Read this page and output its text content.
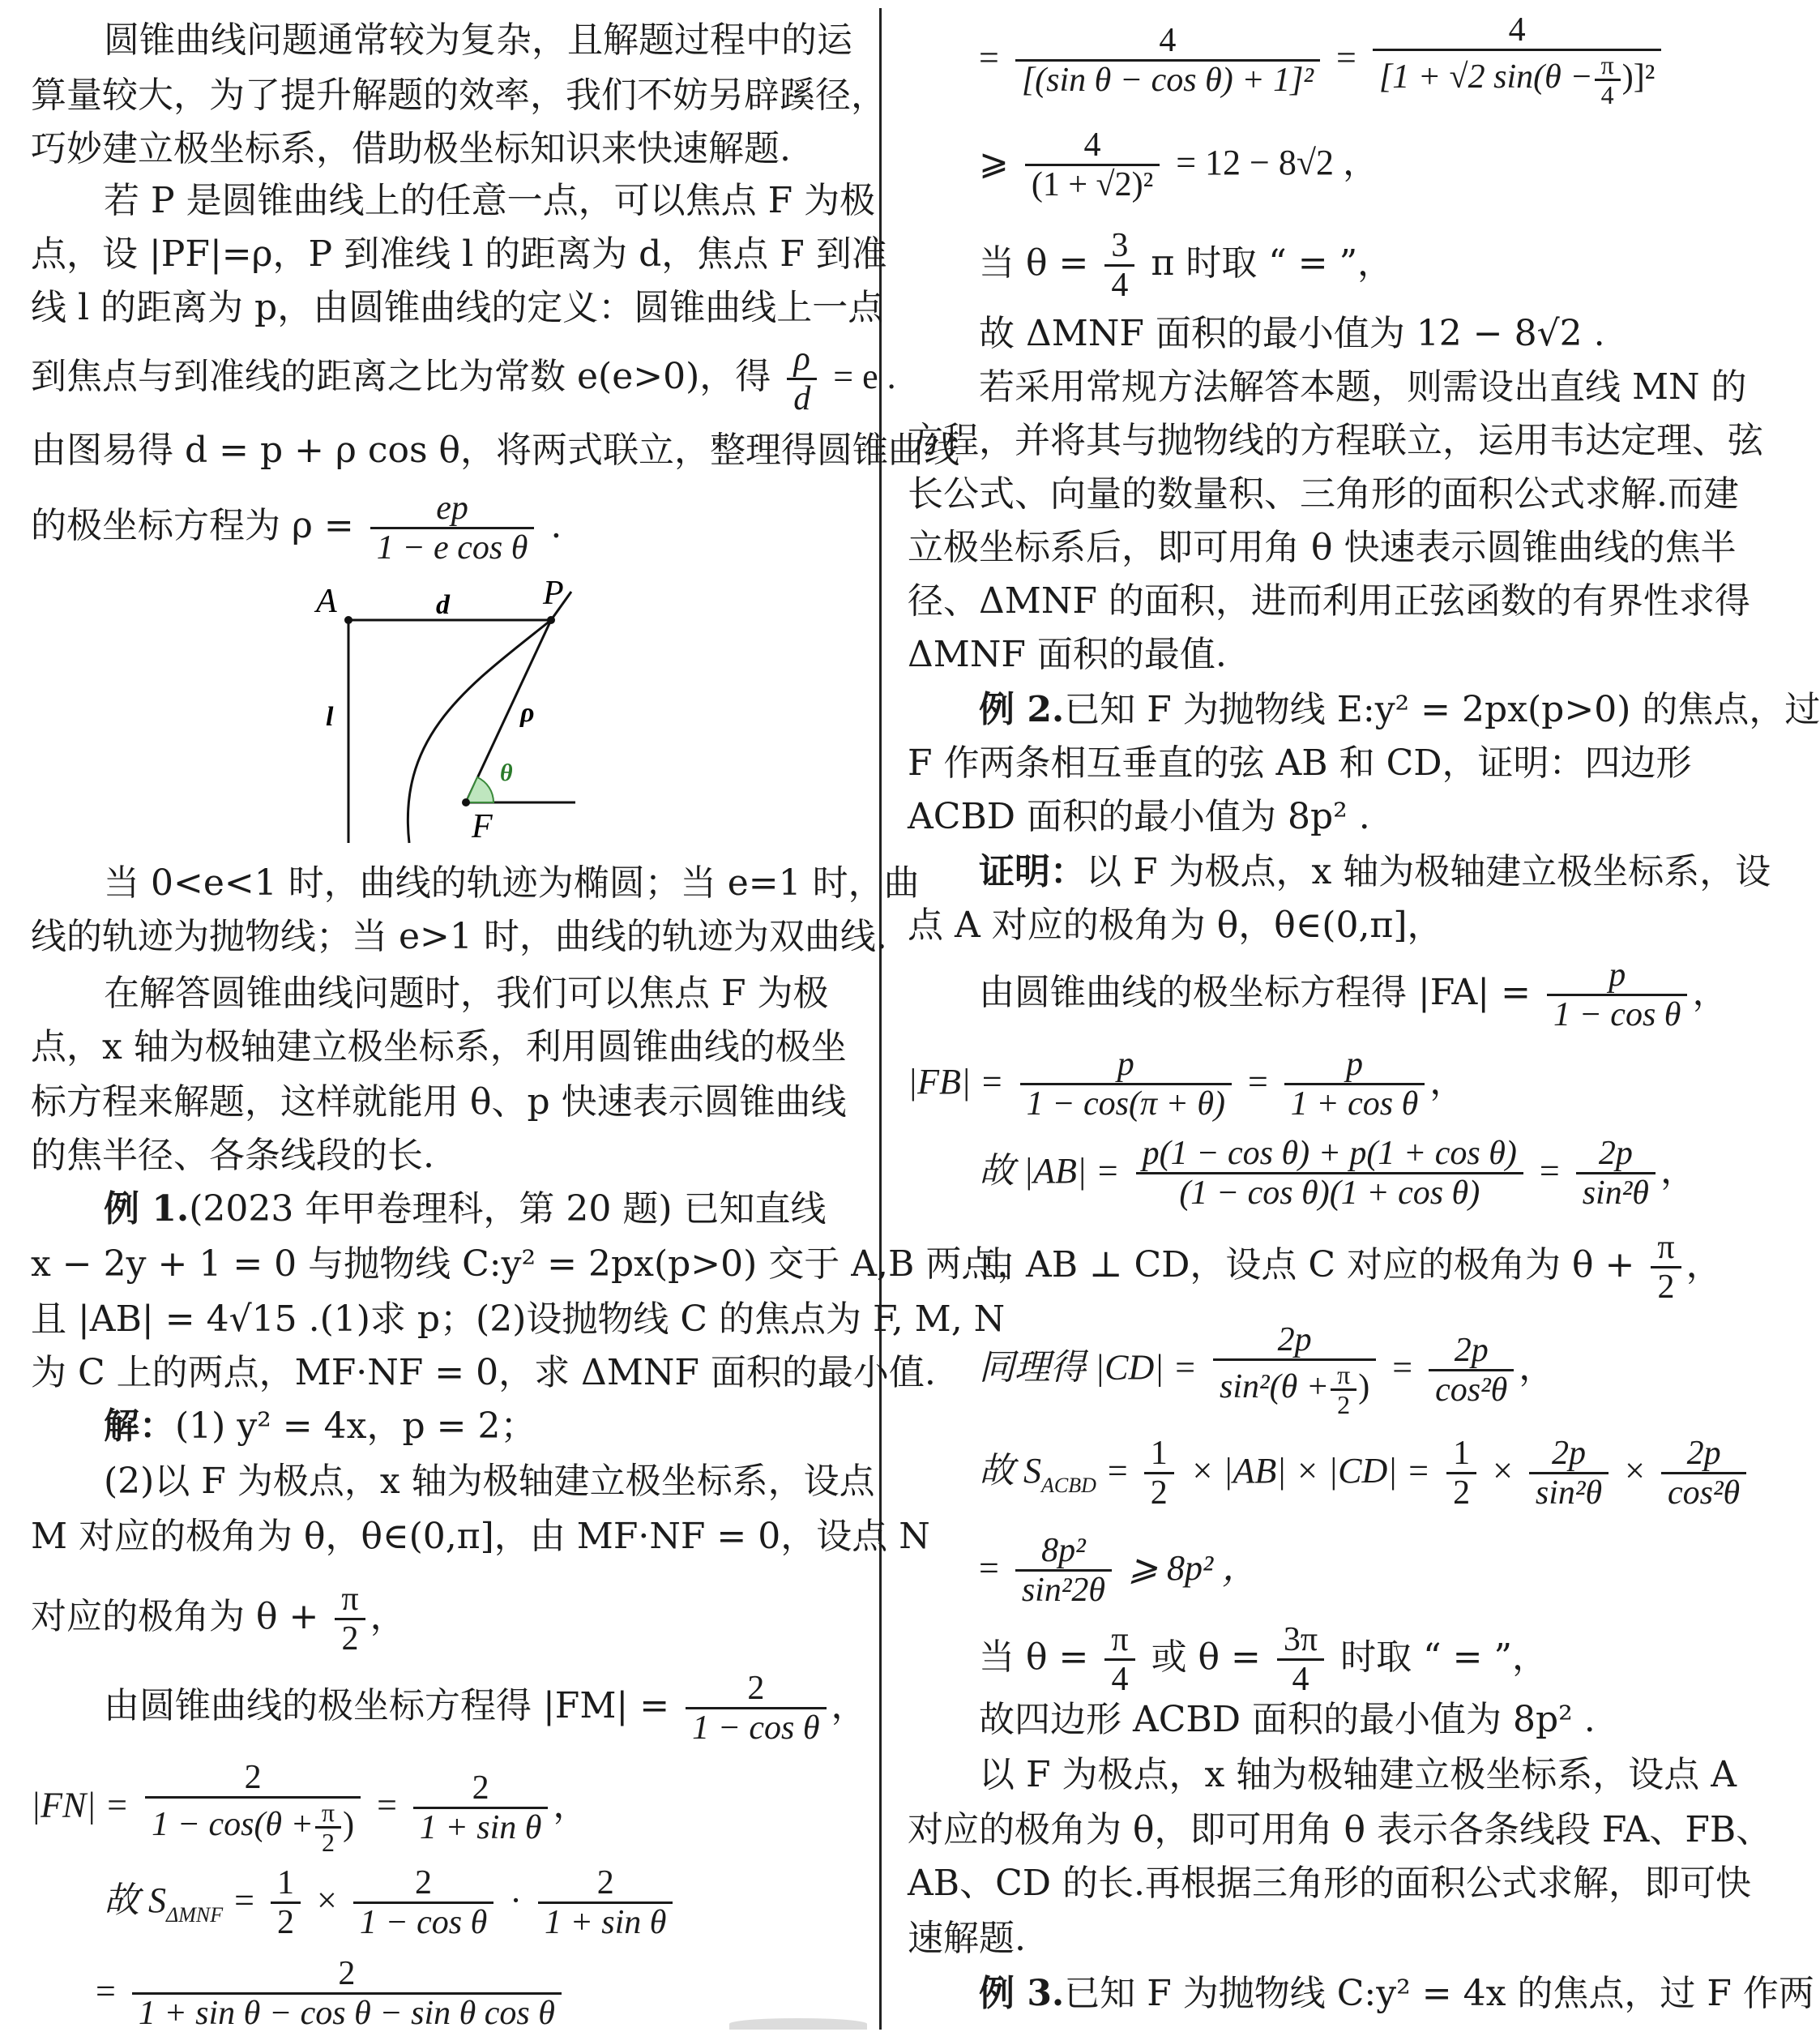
圆锥曲线问题通常较为复杂，且解题过程中的运
算量较大，为了提升解题的效率，我们不妨另辟蹊径，
巧妙建立极坐标系，借助极坐标知识来快速解题.
若 P 是圆锥曲线上的任意一点，可以焦点 F 为极
点，设 |PF|=ρ，P 到准线 l 的距离为 d，焦点 F 到准
线 l 的距离为 p，由圆锥曲线的定义：圆锥曲线上一点
到焦点与到准线的距离之比为常数 e(e>0)，得 $\frac{\rho}{d} = e$ .
由图易得 d = p + ρ cos θ，将两式联立，整理得圆锥曲线
的极坐标方程为 $\rho = \frac{ep}{\text{1 − e cos θ}}$ .
A	P
d
l	ρ
θ
F
当 0<e<1 时，曲线的轨迹为椭圆；当 e=1 时，曲
线的轨迹为抛物线；当 e>1 时，曲线的轨迹为双曲线.
在解答圆锥曲线问题时，我们可以焦点 F 为极
点，x 轴为极轴建立极坐标系，利用圆锥曲线的极坐
标方程来解题，这样就能用 θ、p 快速表示圆锥曲线
的焦半径、各条线段的长.
例 1.(2023 年甲卷理科，第 20 题) 已知直线
x − 2y + 1 = 0 与抛物线 C:y² = 2px(p>0) 交于 A,B 两点，
且 |AB| = 4√15 .(1)求 p；(2)设抛物线 C 的焦点为 F, M, N
为 C 上的两点，MF·NF = 0，求 ΔMNF 面积的最小值.
解：(1) y² = 4x，p = 2；
(2)以 F 为极点，x 轴为极轴建立极坐标系，设点
M 对应的极角为 θ，θ∈(0,π]，由 MF·NF = 0，设点 N
对应的极角为 $\theta + \frac{\pi}{2}$ ，
由圆锥曲线的极坐标方程得 $|FM| = \frac{2}{\text{1 − cos θ}}$ ，
$|FN| = \frac{2}{1 - \cos(\theta + \frac{\pi}{2} )} = \frac{2}{\text{1 + sin θ}}$ ，
故 $S_{\Delta MNF} = \frac{1}{2} \times \frac{2}{\text{1 − cos θ}} \cdot \frac{2}{\text{1 + sin θ}}$
= $\frac{2}{\text{1 + sin θ − cos θ − sin θ cos θ}}$
= $\frac{4}{\text{[(sin θ − cos θ) + 1]²}} = \frac{4}{[1 + √2 \sin(\theta - \frac{\pi}{4} )]^2}$
⩾ $\frac{4}{\text{(1 + √2)²}} = 12 - 8√2$ ，
当 $\theta = \frac{3}{4}$ π 时取 “ = ”，
故 ΔMNF 面积的最小值为 12 − 8√2 .
若采用常规方法解答本题，则需设出直线 MN 的
方程，并将其与抛物线的方程联立，运用韦达定理、弦
长公式、向量的数量积、三角形的面积公式求解.而建
立极坐标系后，即可用角 θ 快速表示圆锥曲线的焦半
径、ΔMNF 的面积，进而利用正弦函数的有界性求得
ΔMNF 面积的最值.
例 2.已知 F 为抛物线 E:y² = 2px(p>0) 的焦点，过
F 作两条相互垂直的弦 AB 和 CD，证明：四边形
ACBD 面积的最小值为 8p² .
证明：以 F 为极点，x 轴为极轴建立极坐标系，设
点 A 对应的极角为 θ，θ∈(0,π]，
由圆锥曲线的极坐标方程得 $|FA| = \frac{p}{\text{1 − cos θ}}$ ，
$|FB| = \frac{p}{1 - \cos(\pi + \theta)} = \frac{p}{\text{1 + cos θ}}$ ，
故 $|AB| = \frac{\text{p(1 − cos θ) + p(1 + cos θ)}}{\text{(1 − cos θ)(1 + cos θ)}} = \frac{2p}{\text{sin²θ}}$ ，
由 AB ⊥ CD，设点 C 对应的极角为 $\theta + \frac{\pi}{2}$ ，
同理得 $|CD| = \frac{2p}{\sin^2(\theta + \frac{\pi}{2} )} = \frac{2p}{\text{cos²θ}}$ ，
故 $S_{ACBD} = \frac{1}{2} \times |AB| \times |CD| = \frac{1}{2} \times \frac{2p}{\text{sin²θ}} \times \frac{2p}{\text{cos²θ}}$
= $\frac{\text{8p²}}{\text{sin²2θ}}$ ⩾ 8p² ，
当 $\theta = \frac{\pi}{4}$ 或 $\theta = \frac{3\pi}{4}$ 时取 “ = ”，
故四边形 ACBD 面积的最小值为 8p² .
以 F 为极点，x 轴为极轴建立极坐标系，设点 A
对应的极角为 θ，即可用角 θ 表示各条线段 FA、FB、
AB、CD 的长.再根据三角形的面积公式求解，即可快
速解题.
例 3.已知 F 为抛物线 C:y² = 4x 的焦点，过 F 作两
